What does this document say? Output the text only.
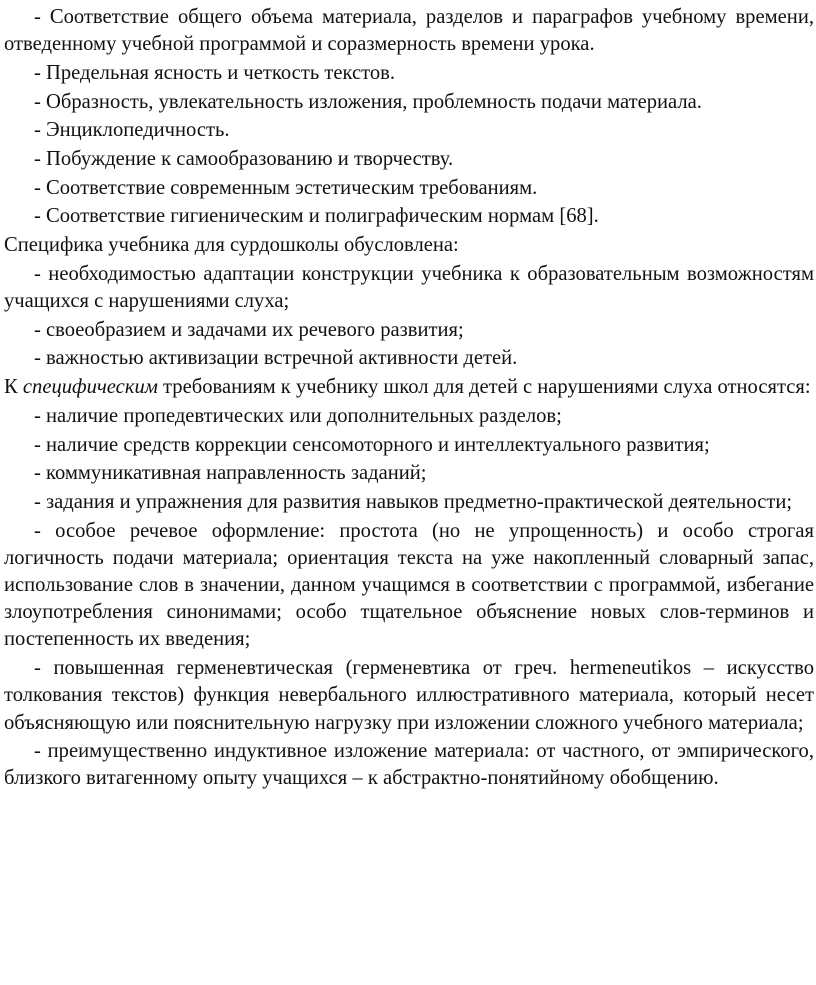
- Соответствие общего объема материала, разделов и параграфов учебному времени, отведенному учебной программой и соразмерность времени урока.

- Предельная ясность и четкость текстов.

- Образность, увлекательность изложения, проблемность подачи материала.

- Энциклопедичность.

- Побуждение к самообразованию и творчеству.

- Соответствие современным эстетическим требованиям.

- Соответствие гигиеническим и полиграфическим нормам [68].

Специфика учебника для сурдошколы обусловлена:

- необходимостью адаптации конструкции учебника к образовательным возможностям учащихся с нарушениями слуха;

- своеобразием и задачами их речевого развития;

- важностью активизации встречной активности детей.

К специфическим требованиям к учебнику школ для детей с нарушениями слуха относятся:

- наличие пропедевтических или дополнительных разделов;

- наличие средств коррекции сенсомоторного и интеллектуального развития;

- коммуникативная направленность заданий;

- задания и упражнения для развития навыков предметно-практической деятельности;

- особое речевое оформление: простота (но не упрощенность) и особо строгая логичность подачи материала; ориентация текста на уже накопленный словарный запас, использование слов в значении, данном учащимся в соответствии с программой, избегание злоупотребления синонимами; особо тщательное объяснение новых слов-терминов и постепенность их введения;

- повышенная герменевтическая (герменевтика от греч. hermeneutikos – искусство толкования текстов) функция невербального иллюстративного материала, который несет объясняющую или пояснительную нагрузку при изложении сложного учебного материала;

- преимущественно индуктивное изложение материала: от частного, от эмпирического, близкого витагенному опыту учащихся – к абстрактно-понятийному обобщению.
